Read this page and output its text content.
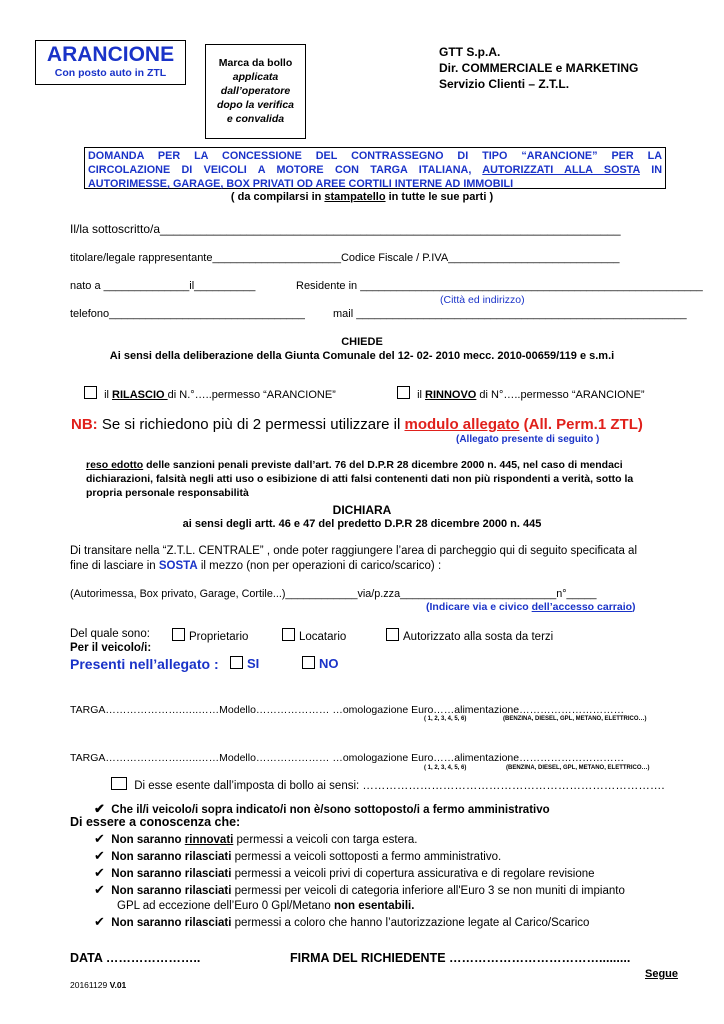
ARANCIONE
Con posto auto in ZTL
Marca da bollo
applicata
dall’operatore
dopo la verifica
e convalida
GTT S.p.A.
Dir. COMMERCIALE e MARKETING
Servizio Clienti – Z.T.L.
DOMANDA PER LA CONCESSIONE DEL CONTRASSEGNO DI TIPO “ARANCIONE” PER LA
CIRCOLAZIONE DI VEICOLI A MOTORE CON TARGA ITALIANA, AUTORIZZATI ALLA SOSTA IN
AUTORIMESSE, GARAGE, BOX PRIVATI OD AREE CORTILI INTERNE AD IMMOBILI
( da compilarsi in stampatello in tutte le sue parti )
Il/la sottoscritto/a_____________________________________________________________________
titolare/legale rappresentante_____________________Codice Fiscale / P.IVA____________________________
nato a ______________il__________	Residente in ________________________________________________________
(Città ed indirizzo)
telefono________________________________	mail ______________________________________________________
CHIEDE
Ai sensi della deliberazione della Giunta Comunale del 12- 02- 2010 mecc. 2010-00659/119 e s.m.i
il RILASCIO di N.°…..permesso “ARANCIONE”	il RINNOVO di N°…..permesso “ARANCIONE”
NB: Se si richiedono più di 2 permessi utilizzare il modulo allegato (All. Perm.1 ZTL)
(Allegato presente di seguito )
reso edotto delle sanzioni penali previste dall’art. 76 del D.P.R 28 dicembre 2000 n. 445, nel caso di mendaci
dichiarazioni, falsità negli atti uso o esibizione di atti falsi contenenti dati non più rispondenti a verità, sotto la
propria personale responsabilità
DICHIARA
ai sensi degli artt. 46 e 47 del predetto D.P.R 28 dicembre 2000 n. 445
Di transitare nella “Z.T.L. CENTRALE” , onde poter raggiungere l’area di parcheggio qui di seguito specificata al
fine di lasciare in SOSTA il mezzo (non per operazioni di carico/scarico) :
(Autorimessa, Box privato, Garage, Cortile...)____________via/p.zza__________________________n°_____
(Indicare via e civico dell’accesso carraio)
Del quale sono:	Proprietario	Locatario	Autorizzato alla sosta da terzi
Per il veicolo/i:
Presenti nell’allegato :	SI	NO
TARGA………………….…..……Modello………………… …omologazione Euro……alimentazione…………………………
( 1, 2, 3, 4, 5, 6)	(BENZINA, DIESEL, GPL, METANO, ELETTRICO…)
TARGA………………….…..……Modello………………… …omologazione Euro……alimentazione…………………………
( 1, 2, 3, 4, 5, 6)	(BENZINA, DIESEL, GPL, METANO, ELETTRICO…)
Di esse esente dall’imposta di bollo ai sensi: …………………………………………………………………….
✔ Che il/i veicolo/i sopra indicato/i non è/sono sottoposto/i a fermo amministrativo
Di essere a conoscenza che:
✔ Non saranno rinnovati permessi a veicoli con targa estera.
✔ Non saranno rilasciati permessi a veicoli sottoposti a fermo amministrativo.
✔ Non saranno rilasciati permessi a veicoli privi di copertura assicurativa e di regolare revisione
✔ Non saranno rilasciati permessi per veicoli di categoria inferiore all'Euro 3 se non muniti di impianto
GPL ad eccezione dell’Euro 0 Gpl/Metano non esentabili.
✔ Non saranno rilasciati permessi a coloro che hanno l’autorizzazione legate al Carico/Scarico
DATA …………………..	FIRMA DEL RICHIEDENTE ……………………………….........
Segue
20161129 V.01
